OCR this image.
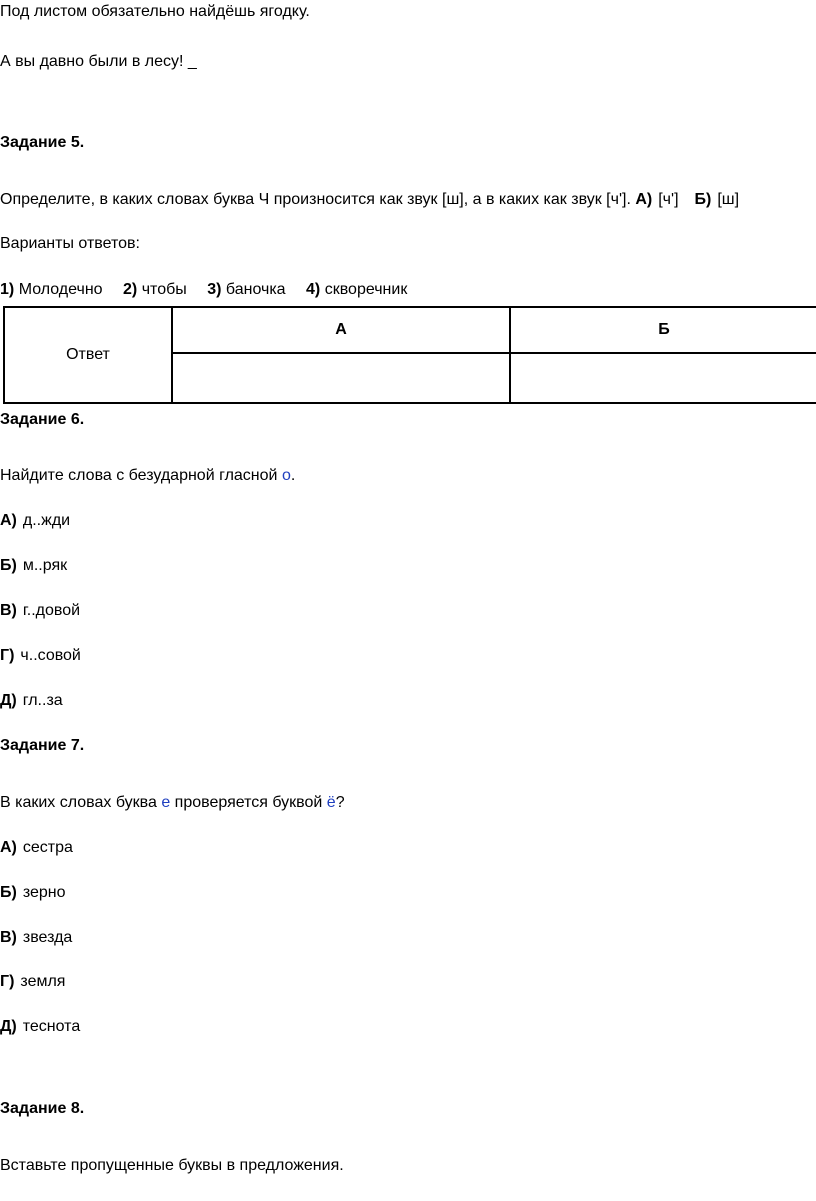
Под листом обязательно найдёшь ягодку.
А вы давно были в лесу! _
Задание 5.
Определите, в каких словах буква Ч произносится как звук [ш], а в каких как звук [ч']. А) [ч'] Б) [ш]
Варианты ответов:
1) Молодечно 2) чтобы 3) баночка 4) скворечник
Ответ	А	Б

Задание 6.
Найдите слова с безударной гласной о.
А) д..жди
Б) м..ряк
В) г..довой
Г) ч..совой
Д) гл..за
Задание 7.
В каких словах буква е проверяется буквой ё?
А) сестра
Б) зерно
В) звезда
Г) земля
Д) теснота
Задание 8.
Вставьте пропущенные буквы в предложения.
